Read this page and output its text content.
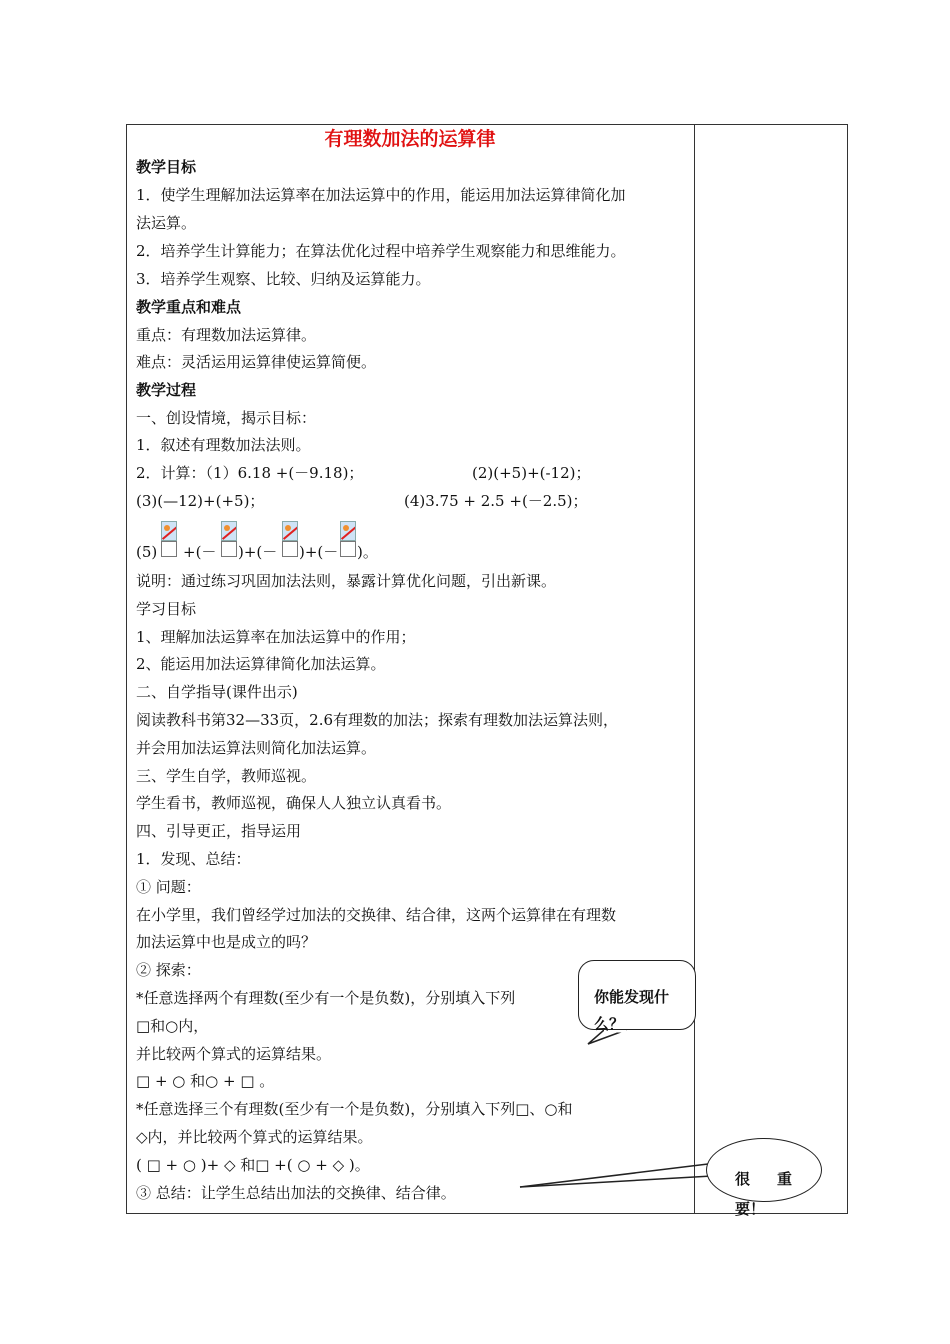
有理数加法的运算律
教学目标
1．使学生理解加法运算率在加法运算中的作用，能运用加法运算律简化加
法运算。
2．培养学生计算能力；在算法优化过程中培养学生观察能力和思维能力。
3．培养学生观察、比较、归纳及运算能力。
教学重点和难点
重点：有理数加法运算律。
难点：灵活运用运算律使运算简便。
教学过程
一、创设情境，揭示目标：
1．叙述有理数加法法则。
2．计算：（1）6.18 +(－9.18)；	(2)(+5)+(-12)；
(3)(—12)+(+5)；	(4)3.75 + 2.5 +(－2.5)；
(5) +(－ )+(－ )+(－ )。
说明：通过练习巩固加法法则，暴露计算优化问题，引出新课。
学习目标
1、理解加法运算率在加法运算中的作用；
2、能运用加法运算律简化加法运算。
二、自学指导(课件出示)
阅读教科书第32—33页，2.6有理数的加法；探索有理数加法运算法则，
并会用加法运算法则简化加法运算。
三、学生自学，教师巡视。
学生看书，教师巡视，确保人人独立认真看书。
四、引导更正，指导运用
1．发现、总结：
① 问题：
在小学里，我们曾经学过加法的交换律、结合律，这两个运算律在有理数
加法运算中也是成立的吗？
② 探索：
*任意选择两个有理数(至少有一个是负数)，分别填入下列
□和○内，
并比较两个算式的运算结果。
□ + ○ 和○ + □ 。
*任意选择三个有理数(至少有一个是负数)，分别填入下列□、○和
◇内，并比较两个算式的运算结果。
( □ + ○ )+ ◇ 和□ +( ○ + ◇ )。
③ 总结：让学生总结出加法的交换律、结合律。
你能发现什
么？
很 重
要！
